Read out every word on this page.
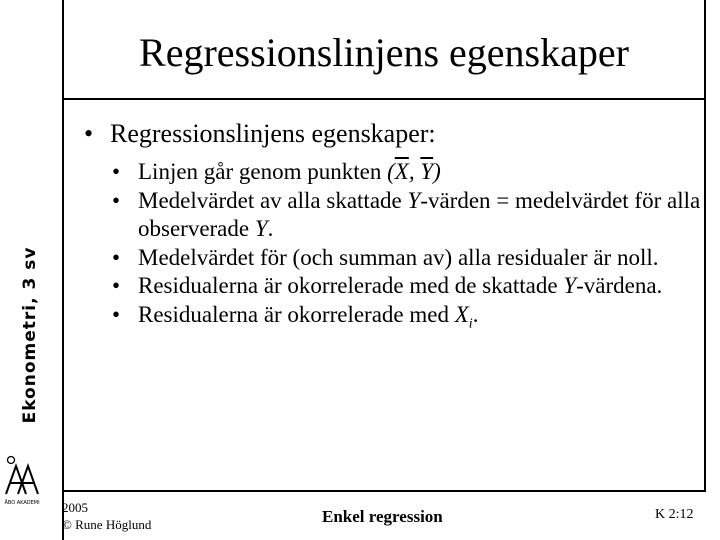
Ekonometri, 3 sv
ÅBO AKADEMI
Regressionslinjens egenskaper
• Regressionslinjens egenskaper:
• Linjen går genom punkten ($\overline{X}$, $\overline{Y}$)
• Medelvärdet av alla skattade Y-värden = medelvärdet för alla observerade Y.
• Medelvärdet för (och summan av) alla residualer är noll.
• Residualerna är okorrelerade med de skattade Y-värdena.
• Residualerna är okorrelerade med $X_i$.
2005
© Rune Höglund	Enkel regression	K 2:12
